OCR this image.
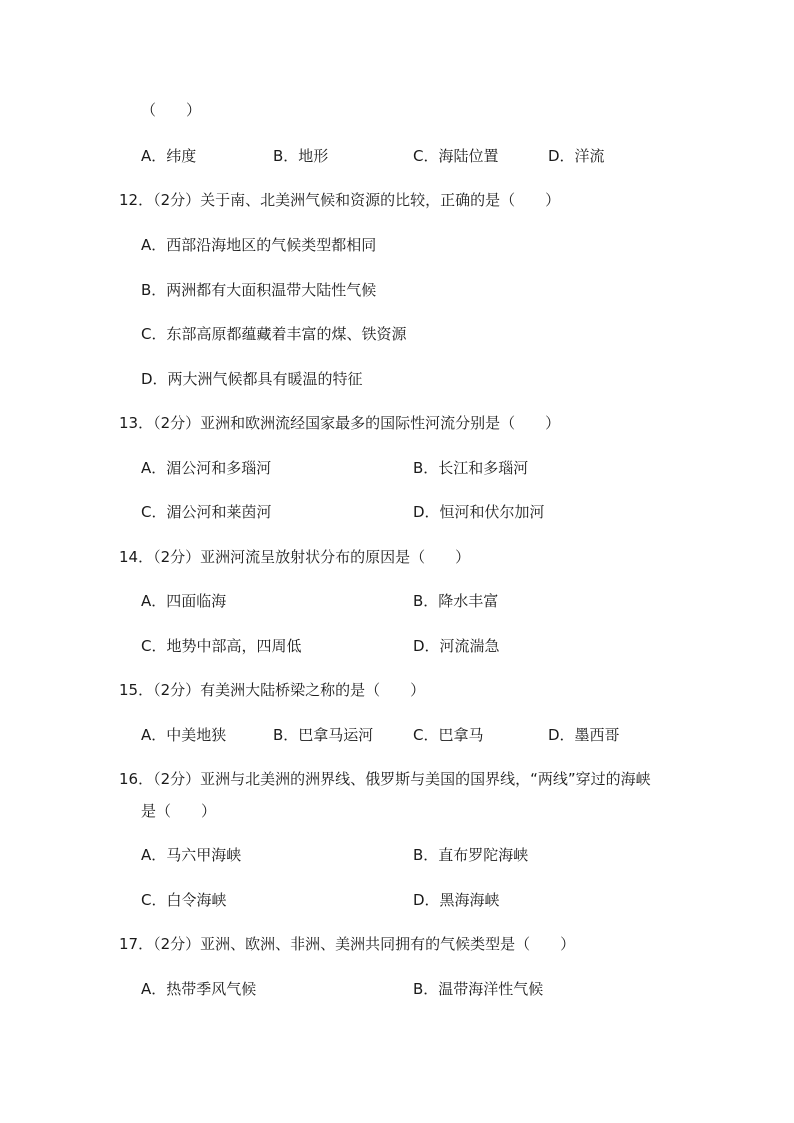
（　　）
A．纬度	B．地形	C．海陆位置	D．洋流
12．（2分）关于南、北美洲气候和资源的比较，正确的是（　　）
A．西部沿海地区的气候类型都相同
B．两洲都有大面积温带大陆性气候
C．东部高原都蕴藏着丰富的煤、铁资源
D．两大洲气候都具有暖温的特征
13．（2分）亚洲和欧洲流经国家最多的国际性河流分别是（　　）
A．湄公河和多瑙河	B．长江和多瑙河
C．湄公河和莱茵河	D．恒河和伏尔加河
14．（2分）亚洲河流呈放射状分布的原因是（　　）
A．四面临海	B．降水丰富
C．地势中部高，四周低	D．河流湍急
15．（2分）有美洲大陆桥梁之称的是（　　）
A．中美地狭	B．巴拿马运河	C．巴拿马	D．墨西哥
16．（2分）亚洲与北美洲的洲界线、俄罗斯与美国的国界线，“两线”穿过的海峡
是（　　）
A．马六甲海峡	B．直布罗陀海峡
C．白令海峡	D．黑海海峡
17．（2分）亚洲、欧洲、非洲、美洲共同拥有的气候类型是（　　）
A．热带季风气候	B．温带海洋性气候
